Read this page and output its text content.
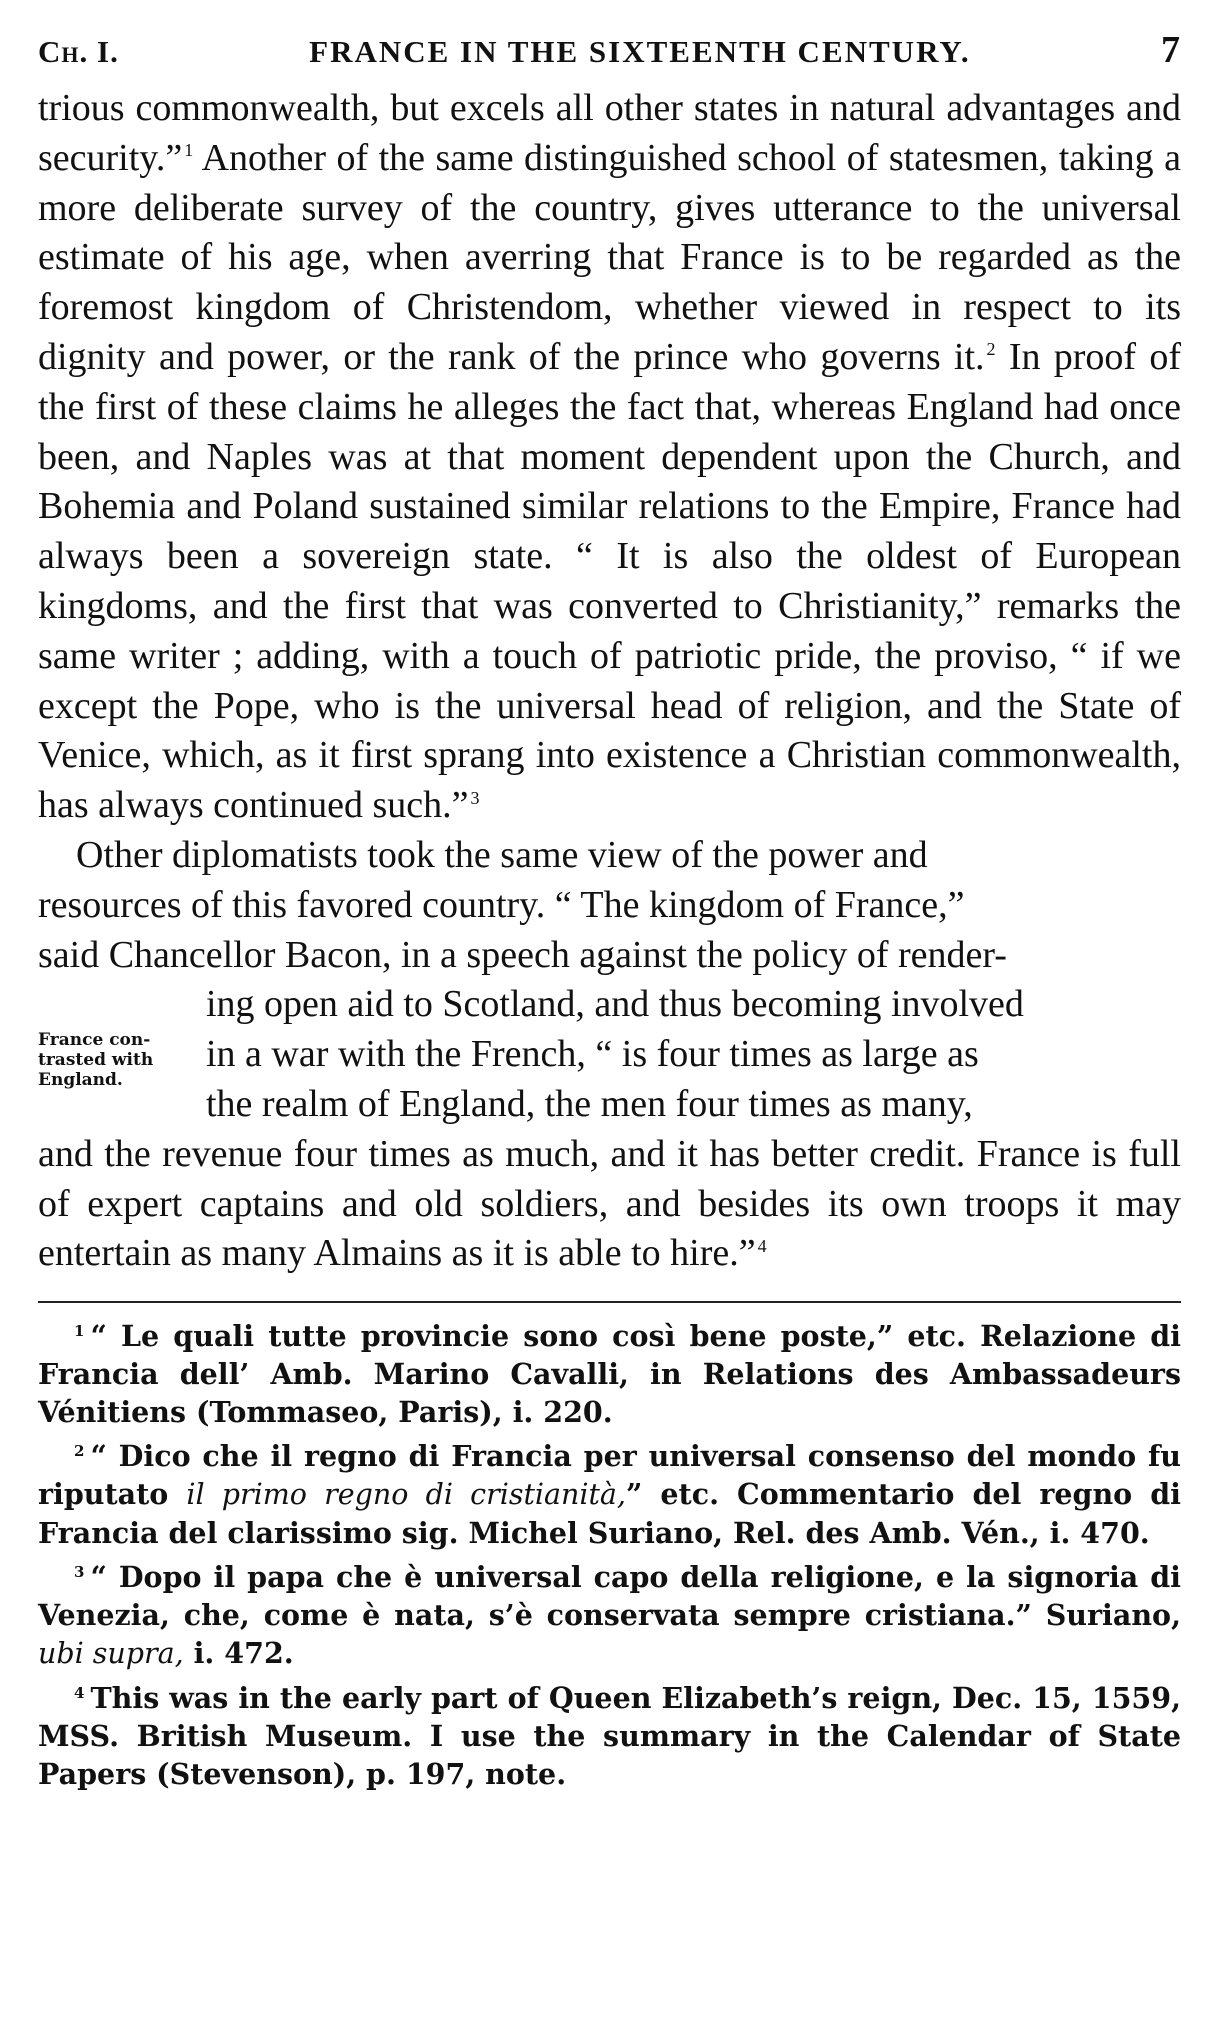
Ch. I.	FRANCE IN THE SIXTEENTH CENTURY.	7

trious commonwealth, but excels all other states in natural advantages and security.” $^1$ Another of the same distinguished school of statesmen, taking a more deliberate survey of the country, gives utterance to the universal estimate of his age, when averring that France is to be regarded as the foremost kingdom of Christendom, whether viewed in respect to its dignity and power, or the rank of the prince who governs it. $^2$ In proof of the first of these claims he alleges the fact that, whereas England had once been, and Naples was at that moment dependent upon the Church, and Bohemia and Poland sustained similar relations to the Empire, France had always been a sovereign state. “ It is also the oldest of European kingdoms, and the first that was converted to Christianity,” remarks the same writer ; adding, with a touch of patriotic pride, the proviso, “ if we except the Pope, who is the universal head of religion, and the State of Venice, which, as it first sprang into existence a Christian commonwealth, has always continued such.” $^3$

Other diplomatists took the same view of the power and
resources of this favored country. “ The kingdom of France,”
said Chancellor Bacon, in a speech against the policy of render-
France con-
trasted with
England.
ing open aid to Scotland, and thus becoming involved
in a war with the French, “ is four times as large as
the realm of England, the men four times as many,

and the revenue four times as much, and it has better credit. France is full of expert captains and old soldiers, and besides its own troops it may entertain as many Almains as it is able to hire.” $^4$

$^1$ “ Le quali tutte provincie sono così bene poste,” etc. Relazione di Francia dell’ Amb. Marino Cavalli, in Relations des Ambassadeurs Vénitiens (Tommaseo, Paris), i. 220.

$^2$ “ Dico che il regno di Francia per universal consenso del mondo fu riputato il primo regno di cristianità,” etc. Commentario del regno di Francia del clarissimo sig. Michel Suriano, Rel. des Amb. Vén., i. 470.

$^3$ “ Dopo il papa che è universal capo della religione, e la signoria di Venezia, che, come è nata, s’è conservata sempre cristiana.” Suriano, ubi supra, i. 472.

$^4$ This was in the early part of Queen Elizabeth’s reign, Dec. 15, 1559, MSS. British Museum. I use the summary in the Calendar of State Papers (Stevenson), p. 197, note.
